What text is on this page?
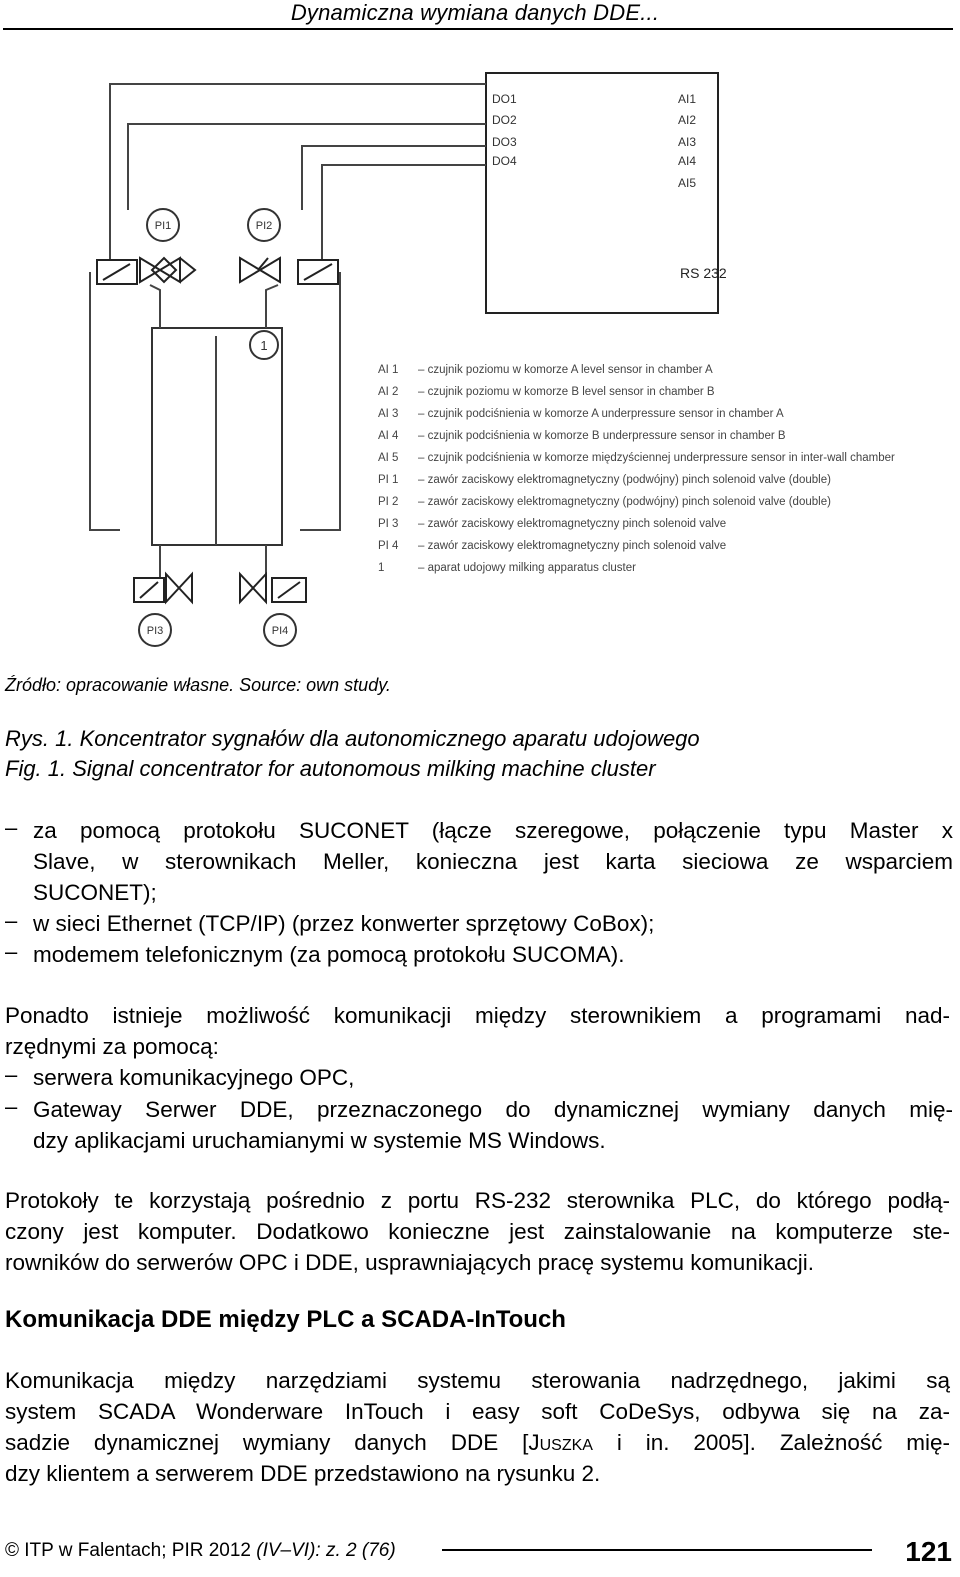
Dynamiczna wymiana danych DDE...
PI1	PI2
1
PI3	PI4
DO1
DO2
DO3
DO4
AI1
AI2
AI3
AI4
AI5
RS 232
AI 1 – czujnik poziomu w komorze A level sensor in chamber A
AI 2 – czujnik poziomu w komorze B level sensor in chamber B
AI 3 – czujnik podciśnienia w komorze A underpressure sensor in chamber A
AI 4 – czujnik podciśnienia w komorze B underpressure sensor in chamber B
AI 5 – czujnik podciśnienia w komorze międzyściennej underpressure sensor in inter-wall chamber
PI 1 – zawór zaciskowy elektromagnetyczny (podwójny) pinch solenoid valve (double)
PI 2 – zawór zaciskowy elektromagnetyczny (podwójny) pinch solenoid valve (double)
PI 3 – zawór zaciskowy elektromagnetyczny pinch solenoid valve
PI 4 – zawór zaciskowy elektromagnetyczny pinch solenoid valve
1	– aparat udojowy milking apparatus cluster
Źródło: opracowanie własne. Source: own study.
Rys. 1. Koncentrator sygnałów dla autonomicznego aparatu udojowego
Fig. 1. Signal concentrator for autonomous milking machine cluster
– za pomocą protokołu SUCONET (łącze szeregowe, połączenie typu Master x
Slave, w sterownikach Meller, konieczna jest karta sieciowa ze wsparciem
SUCONET);
– w sieci Ethernet (TCP/IP) (przez konwerter sprzętowy CoBox);
– modemem telefonicznym (za pomocą protokołu SUCOMA).
Ponadto istnieje możliwość komunikacji między sterownikiem a programami nad-
rzędnymi za pomocą:
– serwera komunikacyjnego OPC,
– Gateway Serwer DDE, przeznaczonego do dynamicznej wymiany danych mię-
dzy aplikacjami uruchamianymi w systemie MS Windows.
Protokoły te korzystają pośrednio z portu RS-232 sterownika PLC, do którego podłą-
czony jest komputer. Dodatkowo konieczne jest zainstalowanie na komputerze ste-
rowników do serwerów OPC i DDE, usprawniających pracę systemu komunikacji.
Komunikacja DDE między PLC a SCADA-InTouch
Komunikacja między narzędziami systemu sterowania nadrzędnego, jakimi są
system SCADA Wonderware InTouch i easy soft CoDeSys, odbywa się na za-
sadzie dynamicznej wymiany danych DDE [Juszka i in. 2005]. Zależność mię-
dzy klientem a serwerem DDE przedstawiono na rysunku 2.
© ITP w Falentach; PIR 2012 (IV–VI): z. 2 (76)	121
